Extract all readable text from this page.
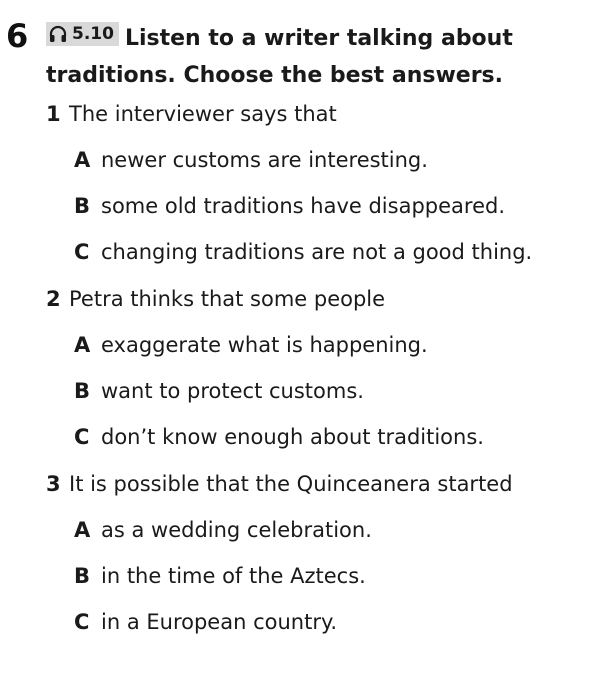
6	5.10 Listen to a writer talking about traditions. Choose the best answers.
1 The interviewer says that
A newer customs are interesting.
B some old traditions have disappeared.
C changing traditions are not a good thing.
2 Petra thinks that some people
A exaggerate what is happening.
B want to protect customs.
C don’t know enough about traditions.
3 It is possible that the Quinceanera started
A as a wedding celebration.
B in the time of the Aztecs.
C in a European country.
